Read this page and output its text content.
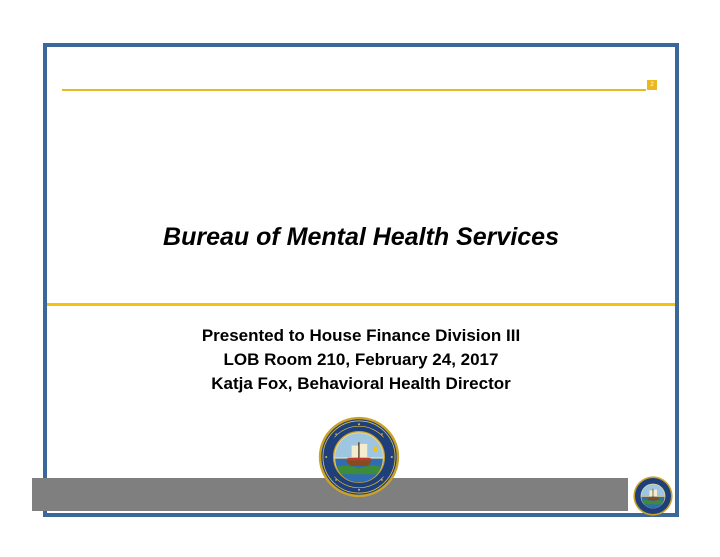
2
Bureau of Mental Health Services
Presented to House Finance Division III
LOB Room 210, February 24, 2017
Katja Fox, Behavioral Health Director
